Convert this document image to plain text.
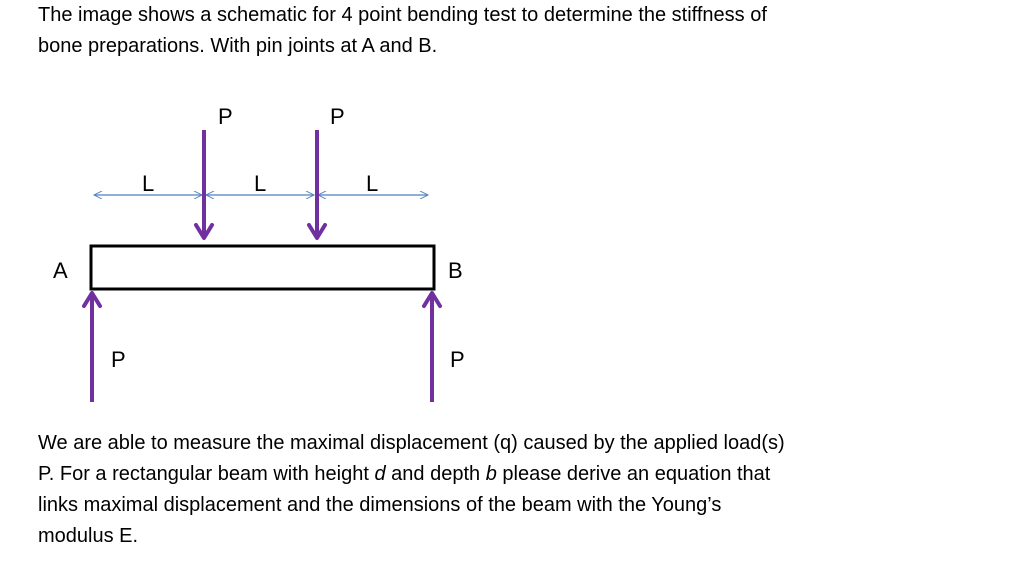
The image shows a schematic for 4 point bending test to determine the stiffness of
bone preparations. With pin joints at A and B.

P	P
L	L	L
A	B
P	P

We are able to measure the maximal displacement (q) caused by the applied load(s)
P. For a rectangular beam with height d and depth b please derive an equation that
links maximal displacement and the dimensions of the beam with the Young’s
modulus E.
